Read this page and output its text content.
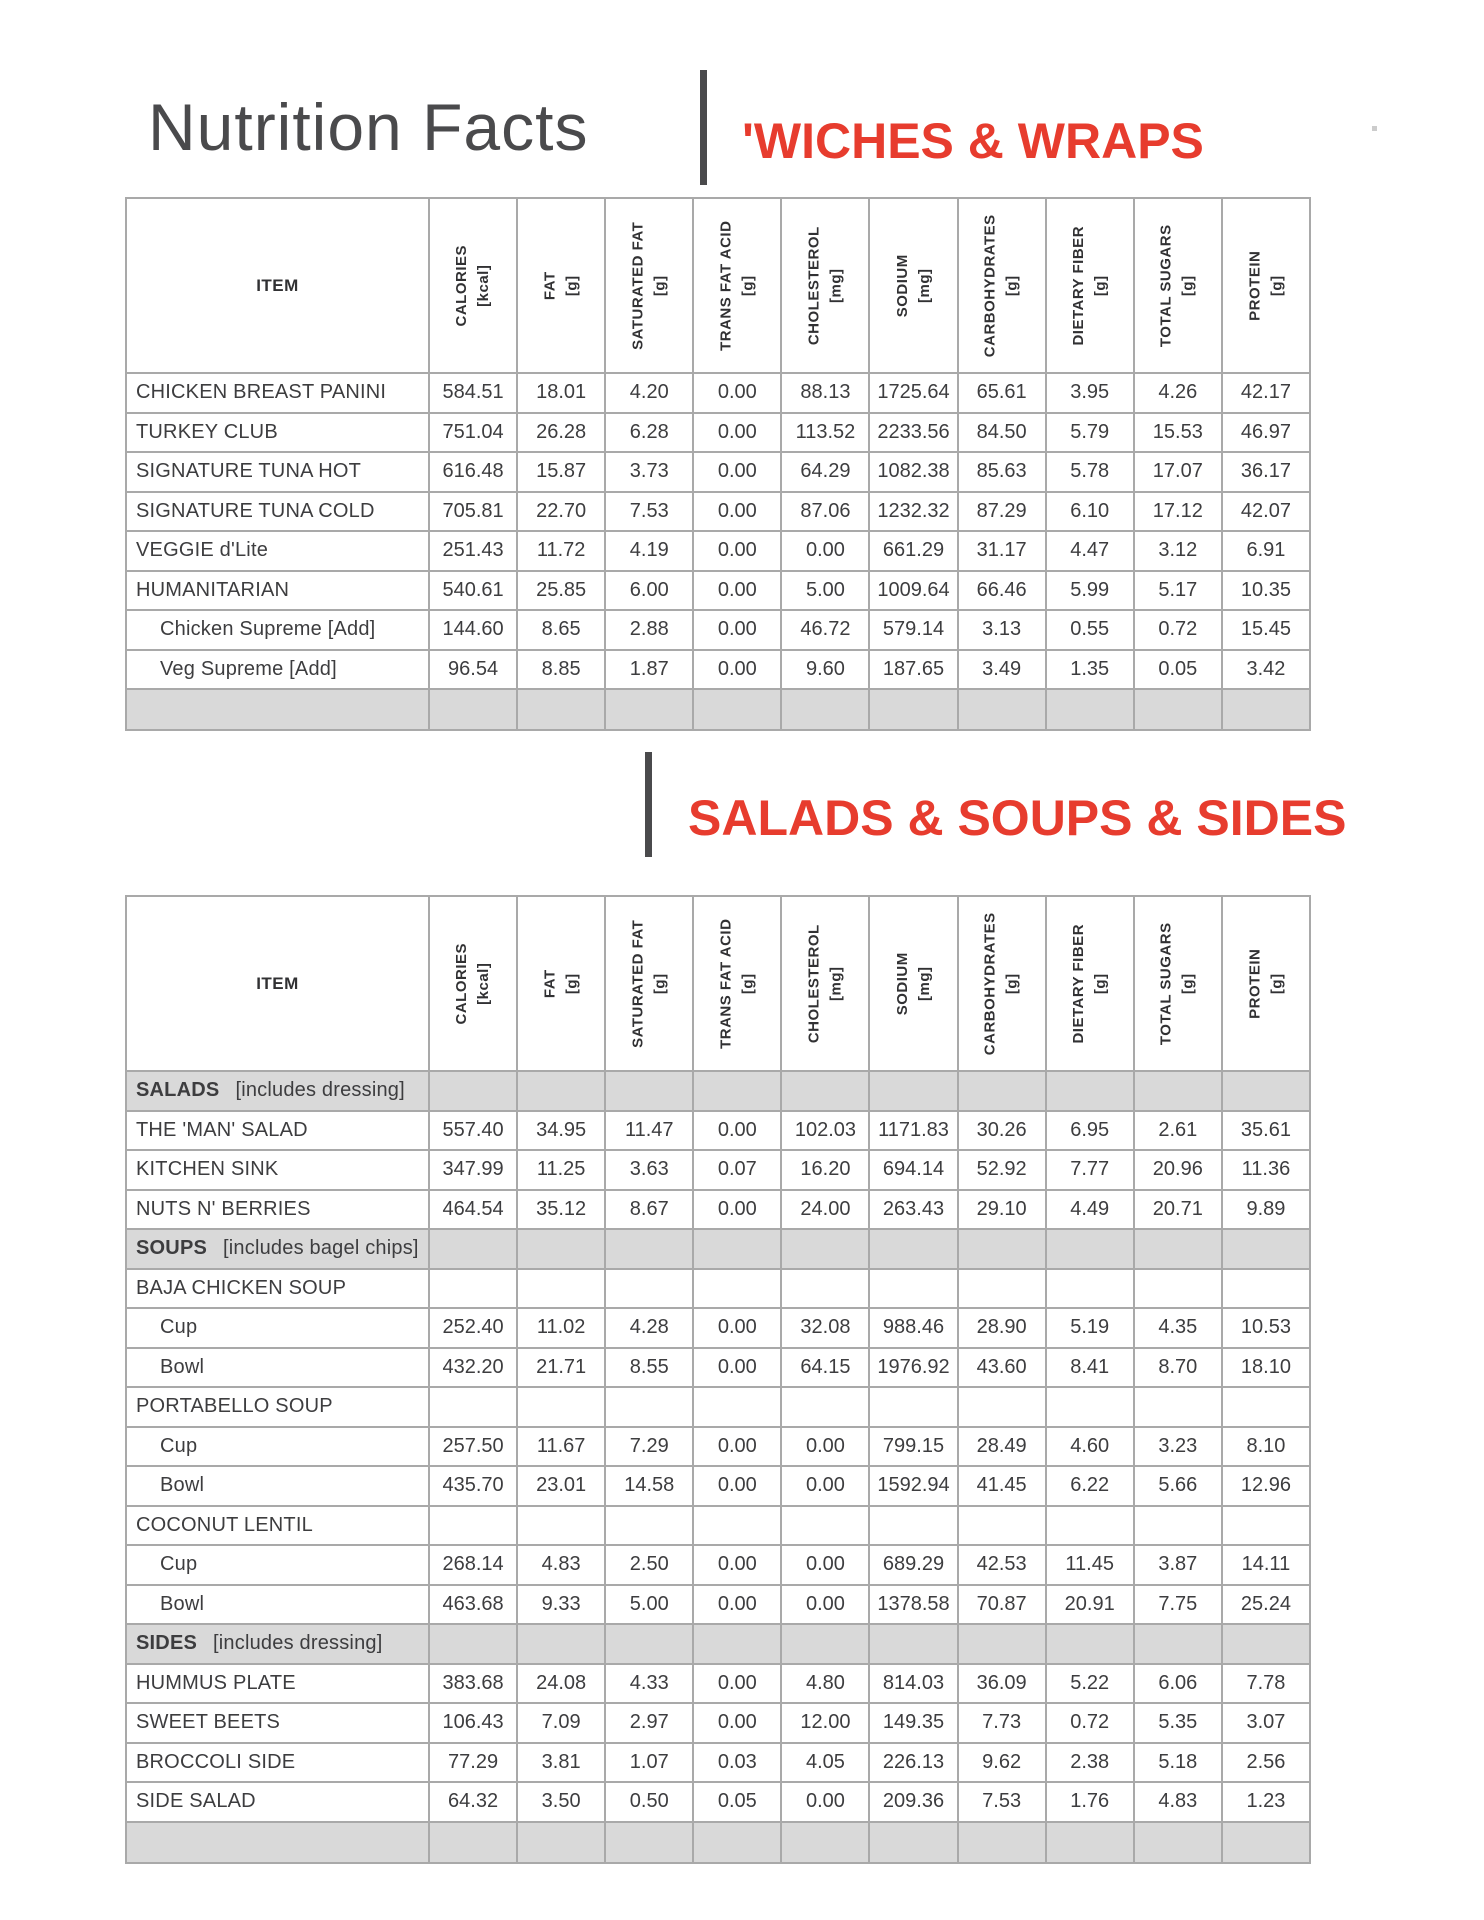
Nutrition Facts	'WICHES & WRAPS
ITEM	CALORIES [kcal]	FAT [g]	SATURATED FAT [g]	TRANS FAT ACID [g]	CHOLESTEROL [mg]	SODIUM [mg]	CARBOHYDRATES [g]	DIETARY FIBER [g]	TOTAL SUGARS [g]	PROTEIN [g]

CHICKEN BREAST PANINI	584.51	18.01	4.20	0.00	88.13	1725.64	65.61	3.95	4.26	42.17
TURKEY CLUB	751.04	26.28	6.28	0.00	113.52	2233.56	84.50	5.79	15.53	46.97
SIGNATURE TUNA HOT	616.48	15.87	3.73	0.00	64.29	1082.38	85.63	5.78	17.07	36.17
SIGNATURE TUNA COLD	705.81	22.70	7.53	0.00	87.06	1232.32	87.29	6.10	17.12	42.07
VEGGIE d'Lite	251.43	11.72	4.19	0.00	0.00	661.29	31.17	4.47	3.12	6.91
HUMANITARIAN	540.61	25.85	6.00	0.00	5.00	1009.64	66.46	5.99	5.17	10.35
Chicken Supreme [Add]	144.60	8.65	2.88	0.00	46.72	579.14	3.13	0.55	0.72	15.45
Veg Supreme [Add]	96.54	8.85	1.87	0.00	9.60	187.65	3.49	1.35	0.05	3.42

SALADS & SOUPS & SIDES
ITEM	CALORIES [kcal]	FAT [g]	SATURATED FAT [g]	TRANS FAT ACID [g]	CHOLESTEROL [mg]	SODIUM [mg]	CARBOHYDRATES [g]	DIETARY FIBER [g]	TOTAL SUGARS [g]	PROTEIN [g]

SALADS [includes dressing]										
THE 'MAN' SALAD	557.40	34.95	11.47	0.00	102.03	1171.83	30.26	6.95	2.61	35.61
KITCHEN SINK	347.99	11.25	3.63	0.07	16.20	694.14	52.92	7.77	20.96	11.36
NUTS N' BERRIES	464.54	35.12	8.67	0.00	24.00	263.43	29.10	4.49	20.71	9.89
SOUPS [includes bagel chips]										
BAJA CHICKEN SOUP										
Cup	252.40	11.02	4.28	0.00	32.08	988.46	28.90	5.19	4.35	10.53
Bowl	432.20	21.71	8.55	0.00	64.15	1976.92	43.60	8.41	8.70	18.10
PORTABELLO SOUP										
Cup	257.50	11.67	7.29	0.00	0.00	799.15	28.49	4.60	3.23	8.10
Bowl	435.70	23.01	14.58	0.00	0.00	1592.94	41.45	6.22	5.66	12.96
COCONUT LENTIL										
Cup	268.14	4.83	2.50	0.00	0.00	689.29	42.53	11.45	3.87	14.11
Bowl	463.68	9.33	5.00	0.00	0.00	1378.58	70.87	20.91	7.75	25.24
SIDES [includes dressing]										
HUMMUS PLATE	383.68	24.08	4.33	0.00	4.80	814.03	36.09	5.22	6.06	7.78
SWEET BEETS	106.43	7.09	2.97	0.00	12.00	149.35	7.73	0.72	5.35	3.07
BROCCOLI SIDE	77.29	3.81	1.07	0.03	4.05	226.13	9.62	2.38	5.18	2.56
SIDE SALAD	64.32	3.50	0.50	0.05	0.00	209.36	7.53	1.76	4.83	1.23
